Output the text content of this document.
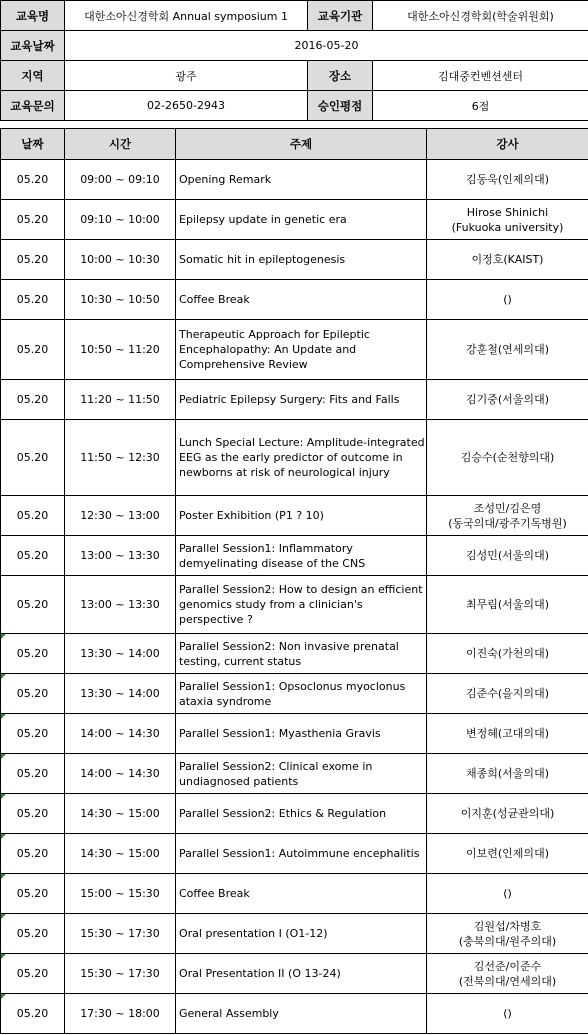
교육명	대한소아신경학회 Annual symposium 1	교육기관	대한소아신경학회(학술위원회)
교육날짜	2016-05-20		
지역	광주	장소	김대중컨벤션센터
교육문의	02-2650-2943	승인평점	6점
날짜	시간	주제	강사
05.20	09:00 ~ 09:10	Opening Remark	김동욱(인제의대)
05.20	09:10 ~ 10:00	Epilepsy update in genetic era	Hirose Shinichi
(Fukuoka university)
05.20	10:00 ~ 10:30	Somatic hit in epileptogenesis	이정호(KAIST)
05.20	10:30 ~ 10:50	Coffee Break	()
05.20	10:50 ~ 11:20	Therapeutic Approach for Epileptic Encephalopathy: An Update and Comprehensive Review	강훈철(연세의대)
05.20	11:20 ~ 11:50	Pediatric Epilepsy Surgery: Fits and Falls	김기중(서울의대)
05.20	11:50 ~ 12:30	Lunch Special Lecture: Amplitude-integrated EEG as the early predictor of outcome in newborns at risk of neurological injury	김승수(순천향의대)
05.20	12:30 ~ 13:00	Poster Exhibition (P1 ? 10)	조성민/김은영
(동국의대/광주기독병원)
05.20	13:00 ~ 13:30	Parallel Session1: Inflammatory demyelinating disease of the CNS	김성민(서울의대)
05.20	13:00 ~ 13:30	Parallel Session2: How to design an efficient genomics study from a clinician's perspective ?	최무림(서울의대)

05.20	13:30 ~ 14:00	Parallel Session2: Non invasive prenatal testing, current status	이진숙(가천의대)

05.20	13:30 ~ 14:00	Parallel Session1: Opsoclonus myoclonus ataxia syndrome	김준수(을지의대)

05.20	14:00 ~ 14:30	Parallel Session1: Myasthenia Gravis	변정혜(고대의대)

05.20	14:00 ~ 14:30	Parallel Session2: Clinical exome in undiagnosed patients	채종희(서울의대)

05.20	14:30 ~ 15:00	Parallel Session2: Ethics & Regulation	이지훈(성균관의대)

05.20	14:30 ~ 15:00	Parallel Session1: Autoimmune encephalitis	이보련(인제의대)

05.20	15:00 ~ 15:30	Coffee Break	()

05.20	15:30 ~ 17:30	Oral presentation I (O1-12)	김원섭/차병호
(충북의대/원주의대)

05.20	15:30 ~ 17:30	Oral Presentation II (O 13-24)	김선준/이준수
(전북의대/연세의대)

05.20	17:30 ~ 18:00	General Assembly	()
